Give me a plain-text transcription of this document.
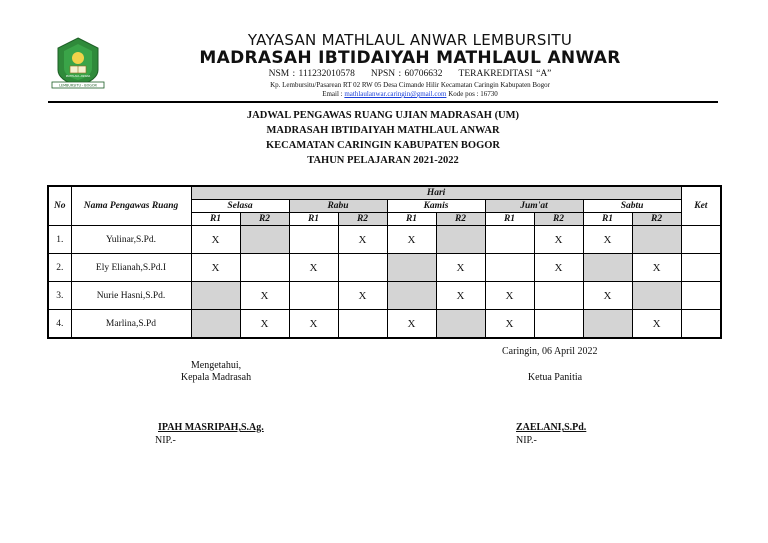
MATHLAUL ANWAR
LEMBURSITU - BOGOR
YAYASAN MATHLAUL ANWAR LEMBURSITU
MADRASAH IBTIDAIYAH MATHLAUL ANWAR
NSM : 111232010578 NPSN : 60706632 TERAKREDITASI “A”
Kp. Lembursitu/Pasarean RT 02 RW 05 Desa Cimande Hilir Kecamatan Caringin Kabupaten Bogor
Email : mathlaulanwar.caringin@gmail.com Kode pos : 16730
JADWAL PENGAWAS RUANG UJIAN MADRASAH (UM)
MADRASAH IBTIDAIYAH MATHLAUL ANWAR
KECAMATAN CARINGIN KABUPATEN BOGOR
TAHUN PELAJARAN 2021-2022
No	Nama Pengawas Ruang	Hari										Ket
		Selasa		Rabu		Kamis		Jum'at		Sabtu		
		R1	R2	R1	R2	R1	R2	R1	R2	R1	R2	
1.	Yulinar,S.Pd.	X			X	X			X	X		
2.	Ely Elianah,S.Pd.I	X		X			X		X		X	
3.	Nurie Hasni,S.Pd.		X		X		X	X		X		
4.	Marlina,S.Pd		X	X		X		X			X	
Caringin, 06 April 2022
Mengetahui,
Kepala Madrasah	Ketua Panitia
IPAH MASRIPAH,S.Ag.	ZAELANI,S.Pd.
NIP.-	NIP.-
